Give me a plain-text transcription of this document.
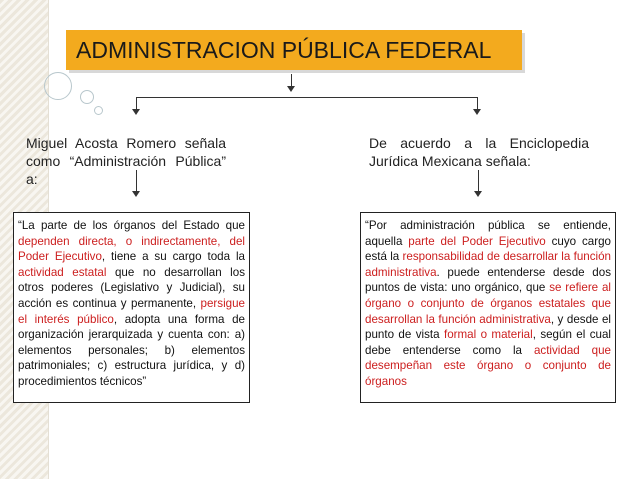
ADMINISTRACION PÚBLICA FEDERAL
Miguel Acosta Romero señala como “Administración Pública” a:
De acuerdo a la Enciclopedia Jurídica Mexicana señala:
“La parte de los órganos del Estado que dependen directa, o indirectamente, del Poder Ejecutivo, tiene a su cargo toda la actividad estatal que no desarrollan los otros poderes (Legislativo y Judicial), su acción es continua y permanente, persigue el interés público, adopta una forma de organización jerarquizada y cuenta con: a) elementos personales; b) elementos patrimoniales; c) estructura jurídica, y d) procedimientos técnicos”
“Por administración pública se entiende, aquella parte del Poder Ejecutivo cuyo cargo está la responsabilidad de desarrollar la función administrativa. puede entenderse desde dos puntos de vista: uno orgánico, que se refiere al órgano o conjunto de órganos estatales que desarrollan la función administrativa, y desde el punto de vista formal o material, según el cual debe entenderse como la actividad que desempeñan este órgano o conjunto de órganos
